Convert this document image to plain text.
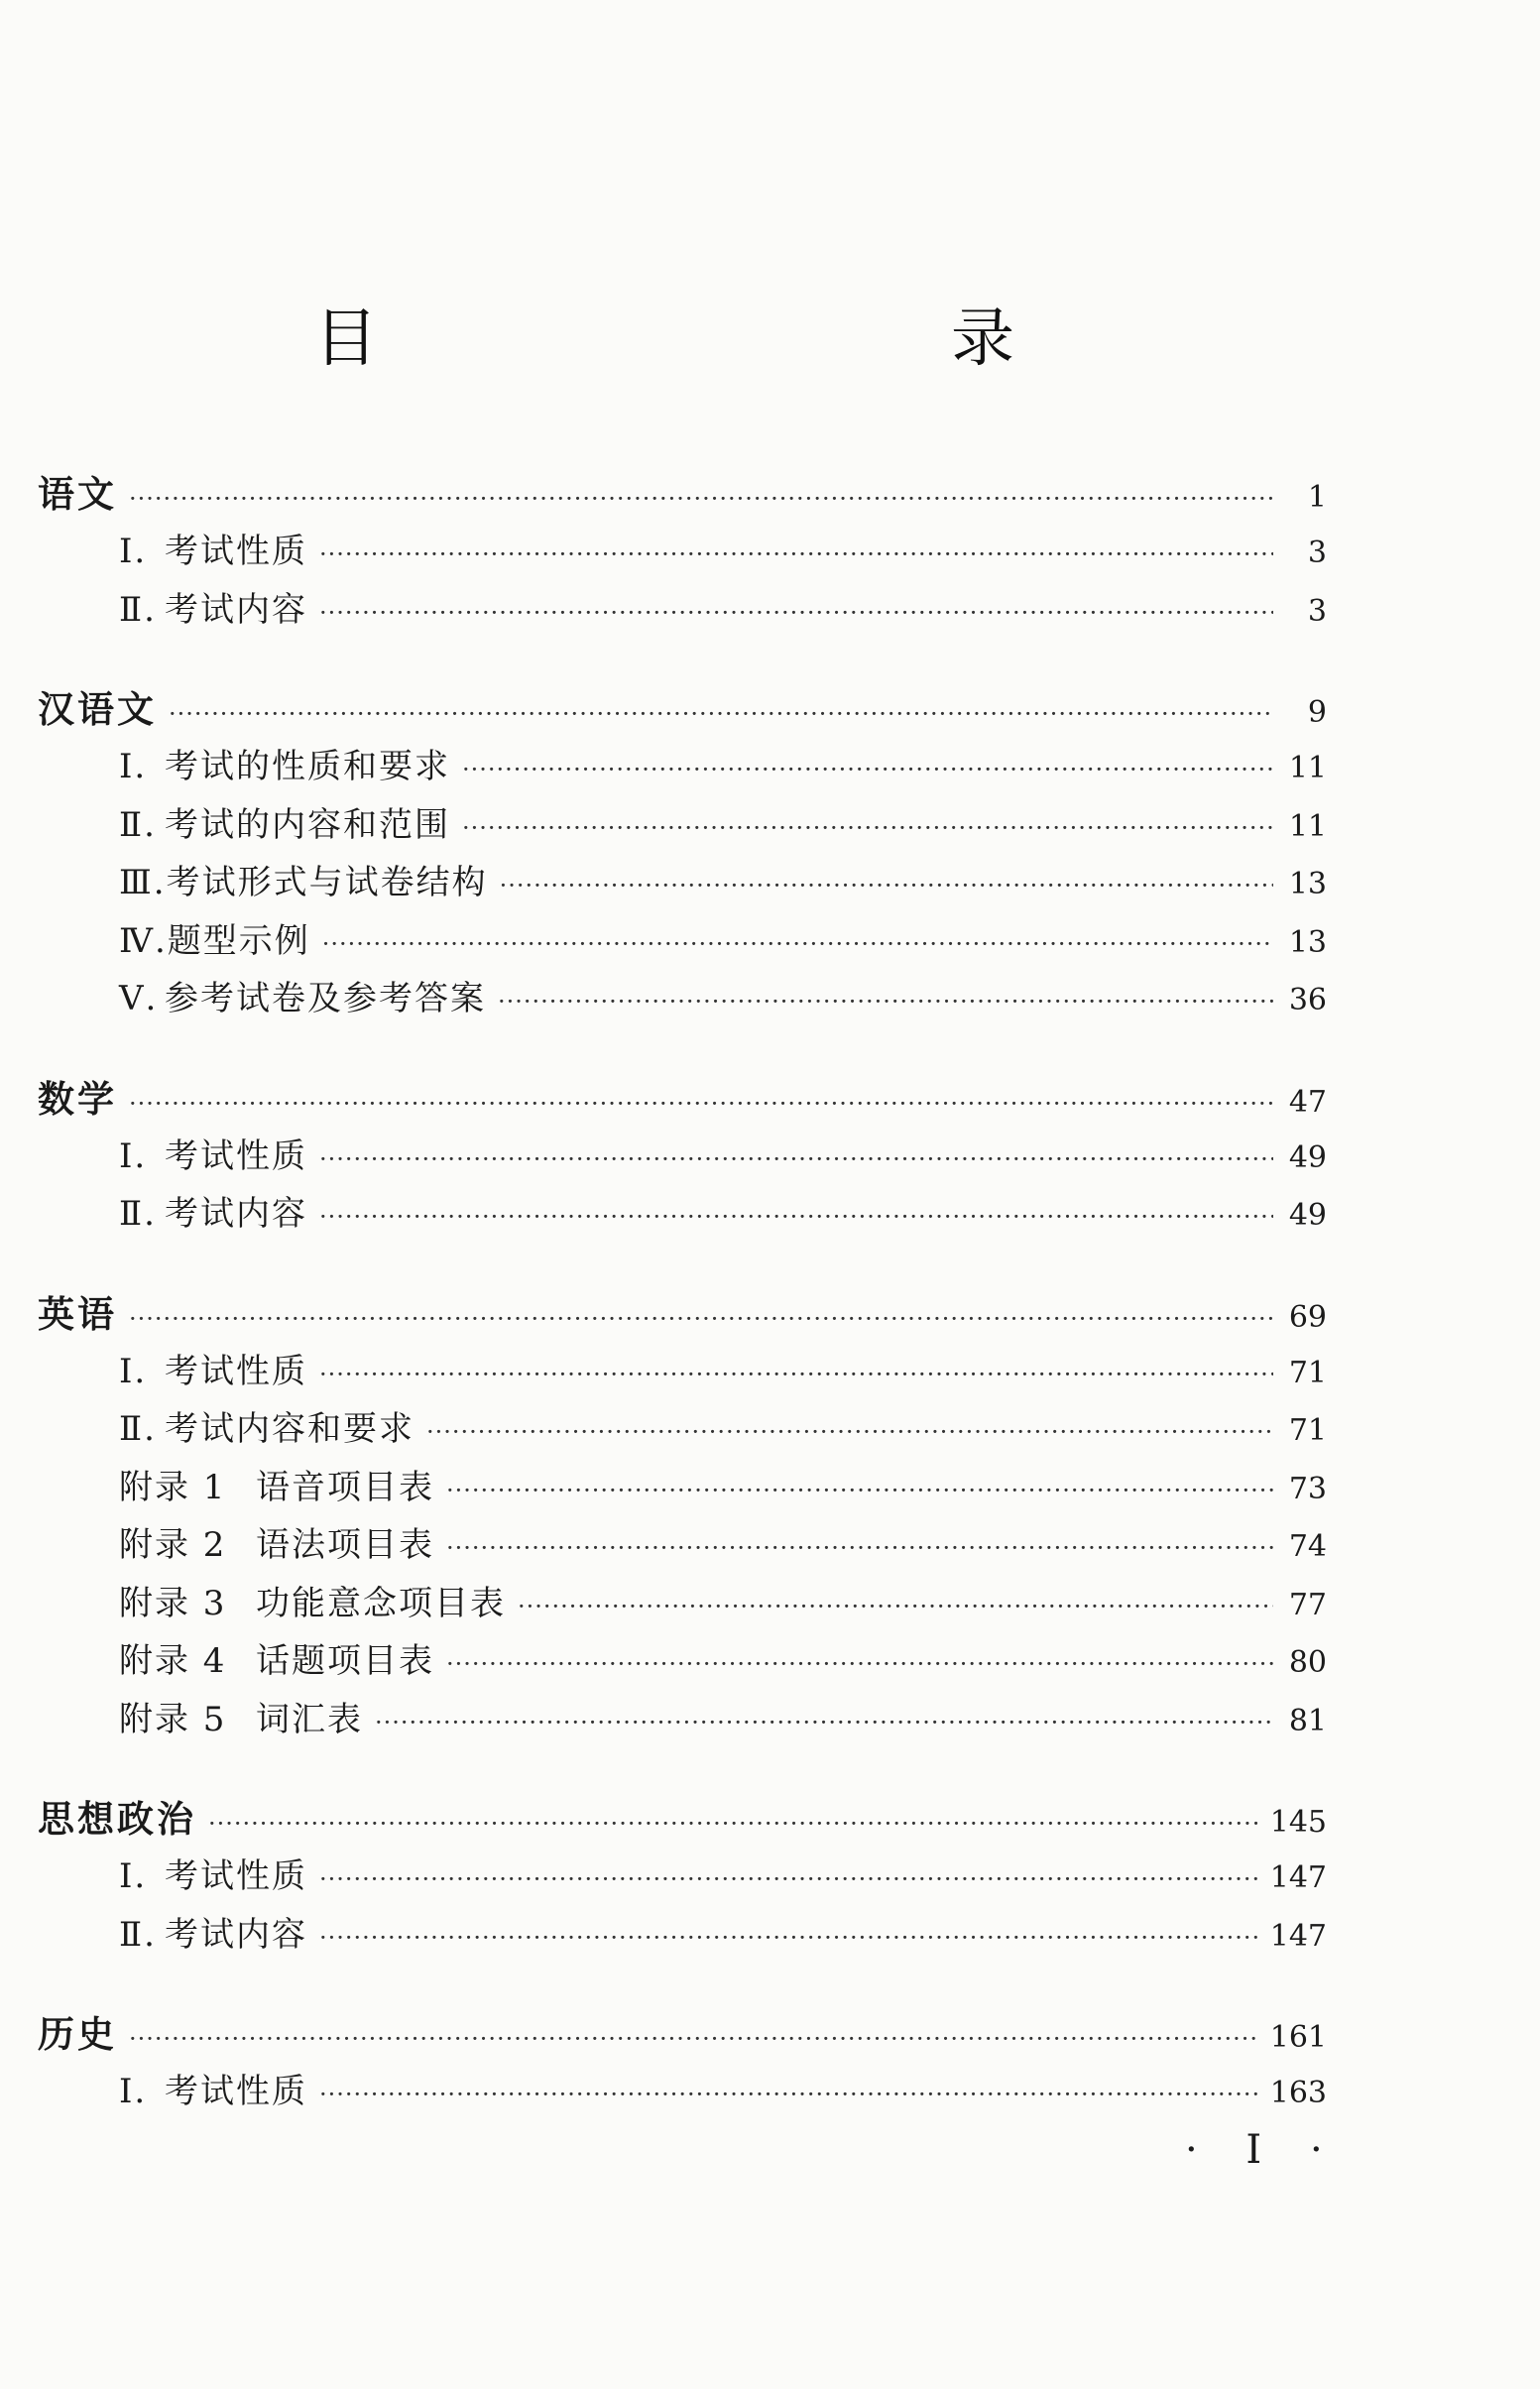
目　　录
语文 ·····	1
Ⅰ. 考试性质 ·····	3
Ⅱ. 考试内容 ·····	3
汉语文 ·····	9
Ⅰ. 考试的性质和要求 ·····	11
Ⅱ. 考试的内容和范围 ·····	11
Ⅲ.考试形式与试卷结构 ·····	13
Ⅳ.题型示例 ·····	13
Ⅴ. 参考试卷及参考答案 ·····	36
数学 ·····	47
Ⅰ. 考试性质 ·····	49
Ⅱ. 考试内容 ·····	49
英语 ·····	69
Ⅰ. 考试性质 ·····	71
Ⅱ. 考试内容和要求 ·····	71
附录 1 语音项目表 ·····	73
附录 2 语法项目表 ·····	74
附录 3 功能意念项目表 ·····	77
附录 4 话题项目表 ·····	80
附录 5 词汇表 ·····	81
思想政治 ·····	145
Ⅰ. 考试性质 ·····	147
Ⅱ. 考试内容 ·····	147
历史 ·····	161
Ⅰ. 考试性质 ·····	163
· I ·
